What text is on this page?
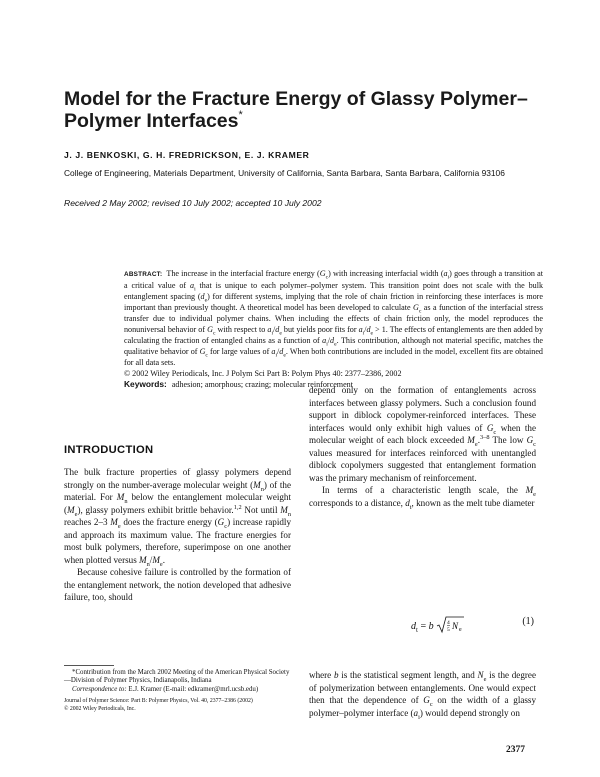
Model for the Fracture Energy of Glassy Polymer–Polymer Interfaces*
J. J. BENKOSKI, G. H. FREDRICKSON, E. J. KRAMER
College of Engineering, Materials Department, University of California, Santa Barbara, Santa Barbara, California 93106
Received 2 May 2002; revised 10 July 2002; accepted 10 July 2002
ABSTRACT: The increase in the interfacial fracture energy $(G_c)$ with increasing interfacial width $(a_i)$ goes through a transition at a critical value of $a_i$ that is unique to each polymer–polymer system. This transition point does not scale with the bulk entanglement spacing $(d_e)$ for different systems, implying that the role of chain friction in reinforcing these interfaces is more important than previously thought. A theoretical model has been developed to calculate $G_c$ as a function of the interfacial stress transfer due to individual polymer chains. When including the effects of chain friction only, the model reproduces the nonuniversal behavior of $G_c$ with respect to $a_i/d_e$ but yields poor fits for $a_i/d_e > 1$. The effects of entanglements are then added by calculating the fraction of entangled chains as a function of $a_i/d_e$. This contribution, although not material specific, matches the qualitative behavior of $G_c$ for large values of $a_i/d_e$. When both contributions are included in the model, excellent fits are obtained for all data sets.
© 2002 Wiley Periodicals, Inc. J Polym Sci Part B: Polym Phys 40: 2377–2386, 2002
Keywords: adhesion; amorphous; crazing; molecular reinforcement
INTRODUCTION

The bulk fracture properties of glassy polymers depend strongly on the number-average molecular weight $(M_n)$ of the material. For $M_n$ below the entanglement molecular weight $(M_e)$, glassy polymers exhibit brittle behavior.$^{1,2}$ Not until $M_n$ reaches 2–3 $M_e$ does the fracture energy $(G_c)$ increase rapidly and approach its maximum value. The fracture energies for most bulk polymers, therefore, superimpose on one another when plotted versus $M_n/M_e$.

Because cohesive failure is controlled by the formation of the entanglement network, the notion developed that adhesive failure, too, should

depend only on the formation of entanglements across interfaces between glassy polymers. Such a conclusion found support in diblock copolymer-reinforced interfaces. These interfaces would only exhibit high values of $G_c$ when the molecular weight of each block exceeded $M_e.^{3-8}$ The low $G_c$ values measured for interfaces reinforced with unentangled diblock copolymers suggested that entanglement formation was the primary mechanism of reinforcement.

In terms of a characteristic length scale, the $M_e$ corresponds to a distance, $d_t$, known as the melt tube diameter

$d_t = b$ 4
5 N e
(1)

where b is the statistical segment length, and $N_e$ is the degree of polymerization between entanglements. One would expect then that the dependence of $G_c$ on the width of a glassy polymer–polymer interface $(a_i)$ would depend strongly on

*Contribution from the March 2002 Meeting of the American Physical Society—Division of Polymer Physics, Indianapolis, Indiana

Correspondence to: E.J. Kramer (E-mail: edkramer@mrl.ucsb.edu)

Journal of Polymer Science: Part B: Polymer Physics, Vol. 40, 2377–2386 (2002)

© 2002 Wiley Periodicals, Inc.

2377
